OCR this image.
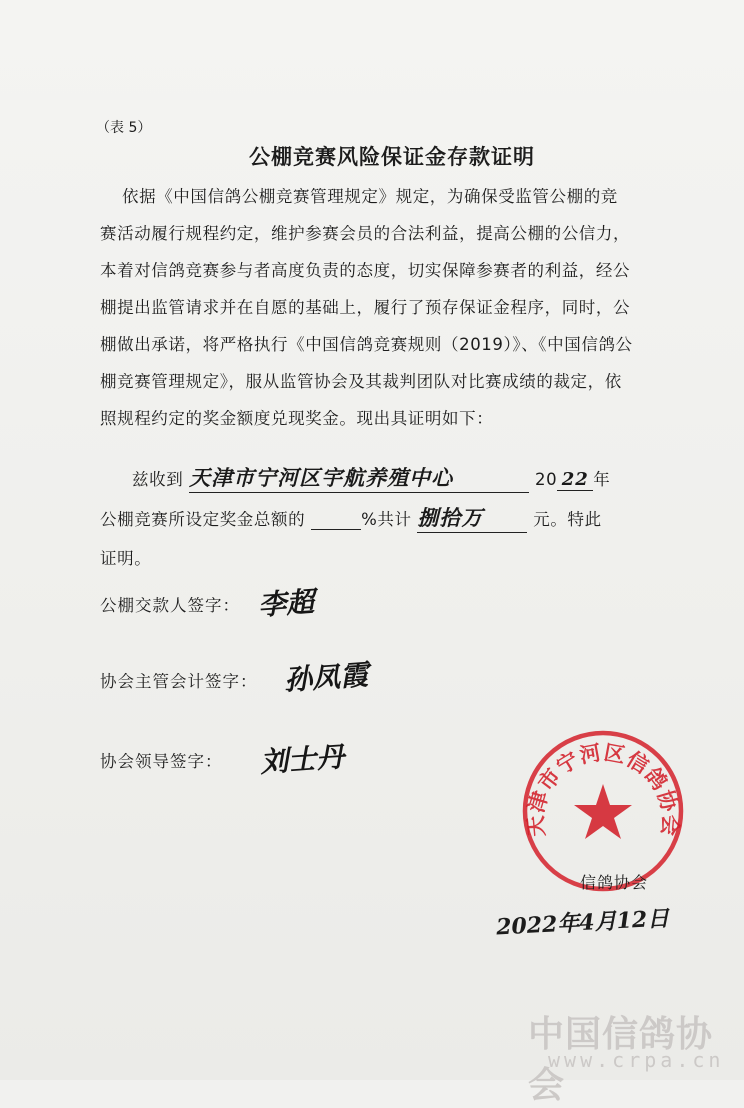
（表 5）
公棚竞赛风险保证金存款证明
依据《中国信鸽公棚竞赛管理规定》规定，为确保受监管公棚的竞
赛活动履行规程约定，维护参赛会员的合法利益，提高公棚的公信力，
本着对信鸽竞赛参与者高度负责的态度，切实保障参赛者的利益，经公
棚提出监管请求并在自愿的基础上，履行了预存保证金程序，同时，公
棚做出承诺，将严格执行《中国信鸽竞赛规则（2019）》、《中国信鸽公
棚竞赛管理规定》，服从监管协会及其裁判团队对比赛成绩的裁定，依
照规程约定的奖金额度兑现奖金。现出具证明如下：
兹收到 天津市宁河区宇航养殖中心	20 22 年
公棚竞赛所设定奖金总额的	%共计 捌拾万	元。特此
证明。
公棚交款人签字： 李超
协会主管会计签字： 孙凤霞
协会领导签字： 刘士丹
天津市宁河区信鸽协会
信鸽协会
2022年4月12日
中国信鸽协会
www.crpa.cn
